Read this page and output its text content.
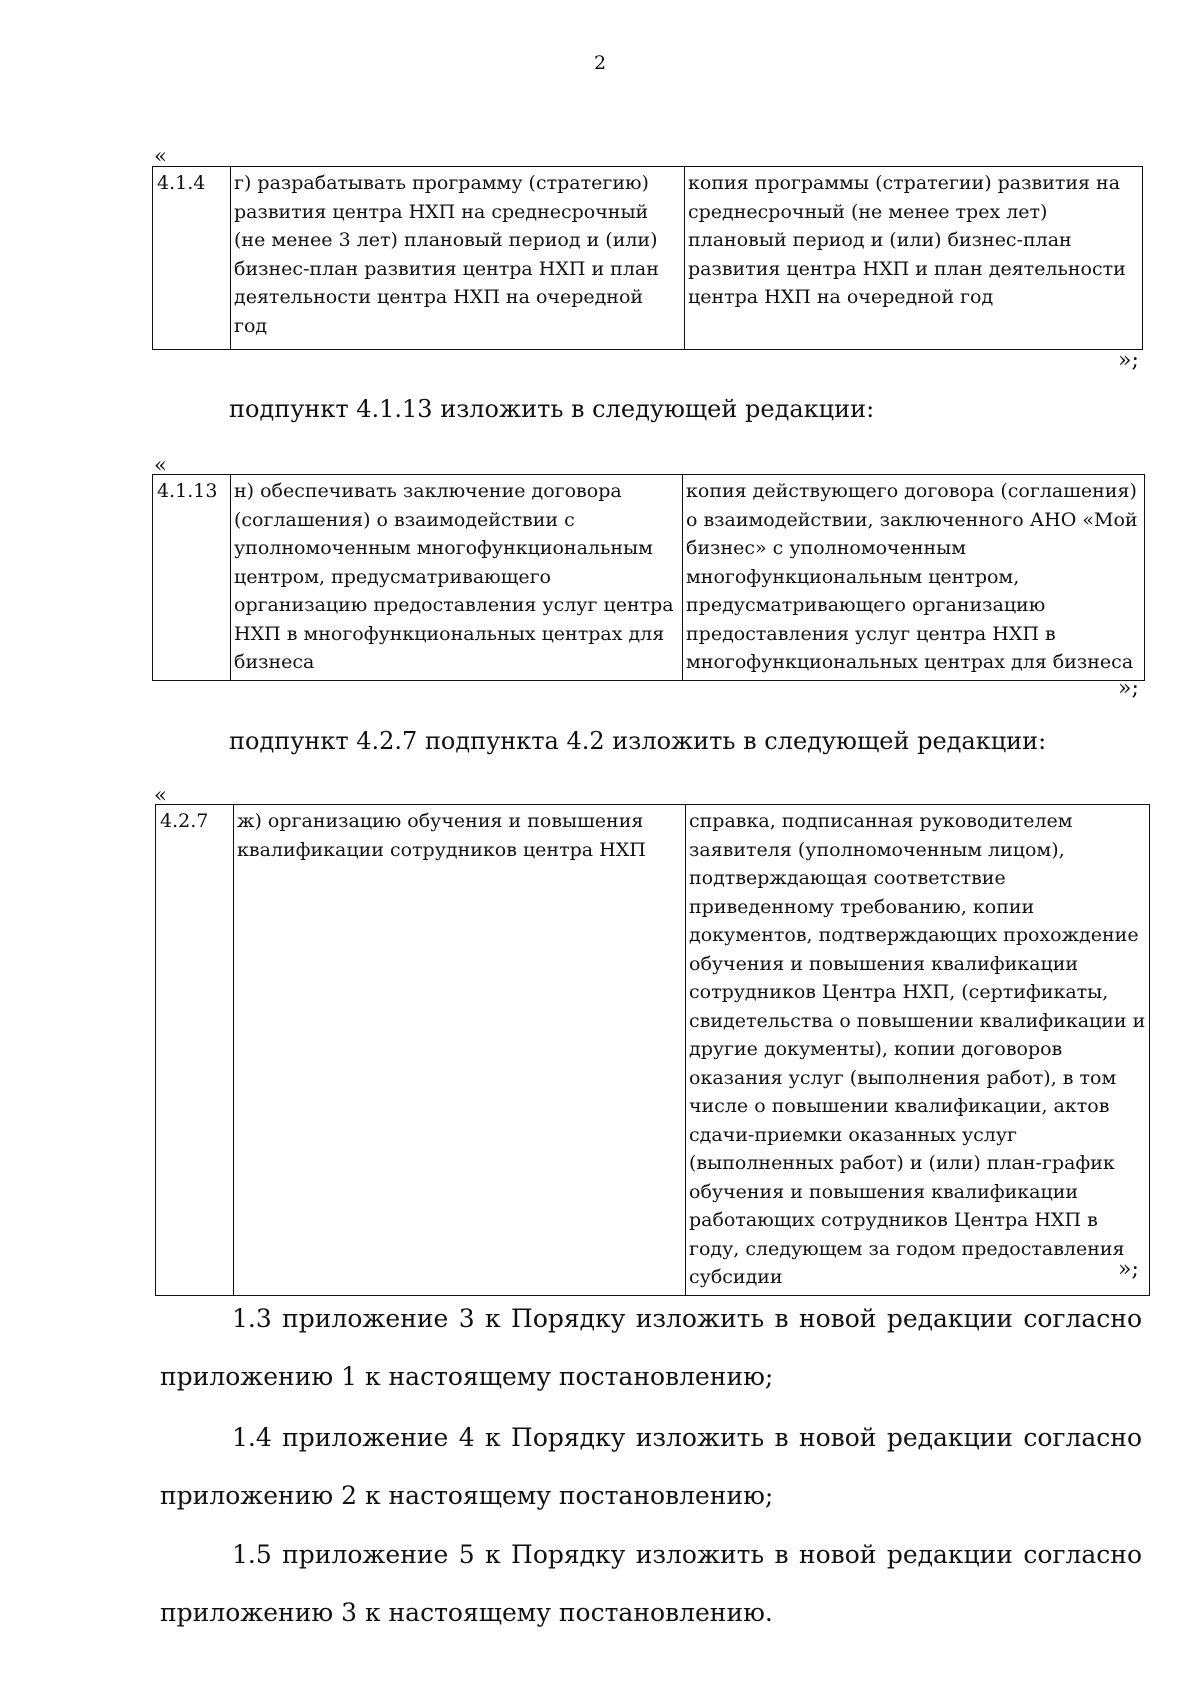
2
«
4.1.4	г) разрабатывать программу (стратегию) развития центра НХП на среднесрочный (не менее 3 лет) плановый период и (или) бизнес-план развития центра НХП и план деятельности центра НХП на очередной год	копия программы (стратегии) развития на среднесрочный (не менее трех лет) плановый период и (или) бизнес-план развития центра НХП и план деятельности центра НХП на очередной год
»;
подпункт 4.1.13 изложить в следующей редакции:
«
4.1.13	н) обеспечивать заключение договора (соглашения) о взаимодействии с уполномоченным многофункциональным центром, предусматривающего организацию предоставления услуг центра НХП в многофункциональных центрах для бизнеса	копия действующего договора (соглашения) о взаимодействии, заключенного АНО «Мой бизнес» с уполномоченным многофункциональным центром, предусматривающего организацию предоставления услуг центра НХП в многофункциональных центрах для бизнеса
»;
подпункт 4.2.7 подпункта 4.2 изложить в следующей редакции:
«
4.2.7	ж) организацию обучения и повышения квалификации сотрудников центра НХП	справка, подписанная руководителем заявителя (уполномоченным лицом), подтверждающая соответствие приведенному требованию, копии документов, подтверждающих прохождение обучения и повышения квалификации сотрудников Центра НХП, (сертификаты, свидетельства о повышении квалификации и другие документы), копии договоров оказания услуг (выполнения работ), в том числе о повышении квалификации, актов сдачи-приемки оказанных услуг (выполненных работ) и (или) план-график обучения и повышения квалификации работающих сотрудников Центра НХП в году, следующем за годом предоставления субсидии	»;

1.3 приложение 3 к Порядку изложить в новой редакции согласно приложению 1 к настоящему постановлению;

1.4 приложение 4 к Порядку изложить в новой редакции согласно приложению 2 к настоящему постановлению;

1.5 приложение 5 к Порядку изложить в новой редакции согласно приложению 3 к настоящему постановлению.
